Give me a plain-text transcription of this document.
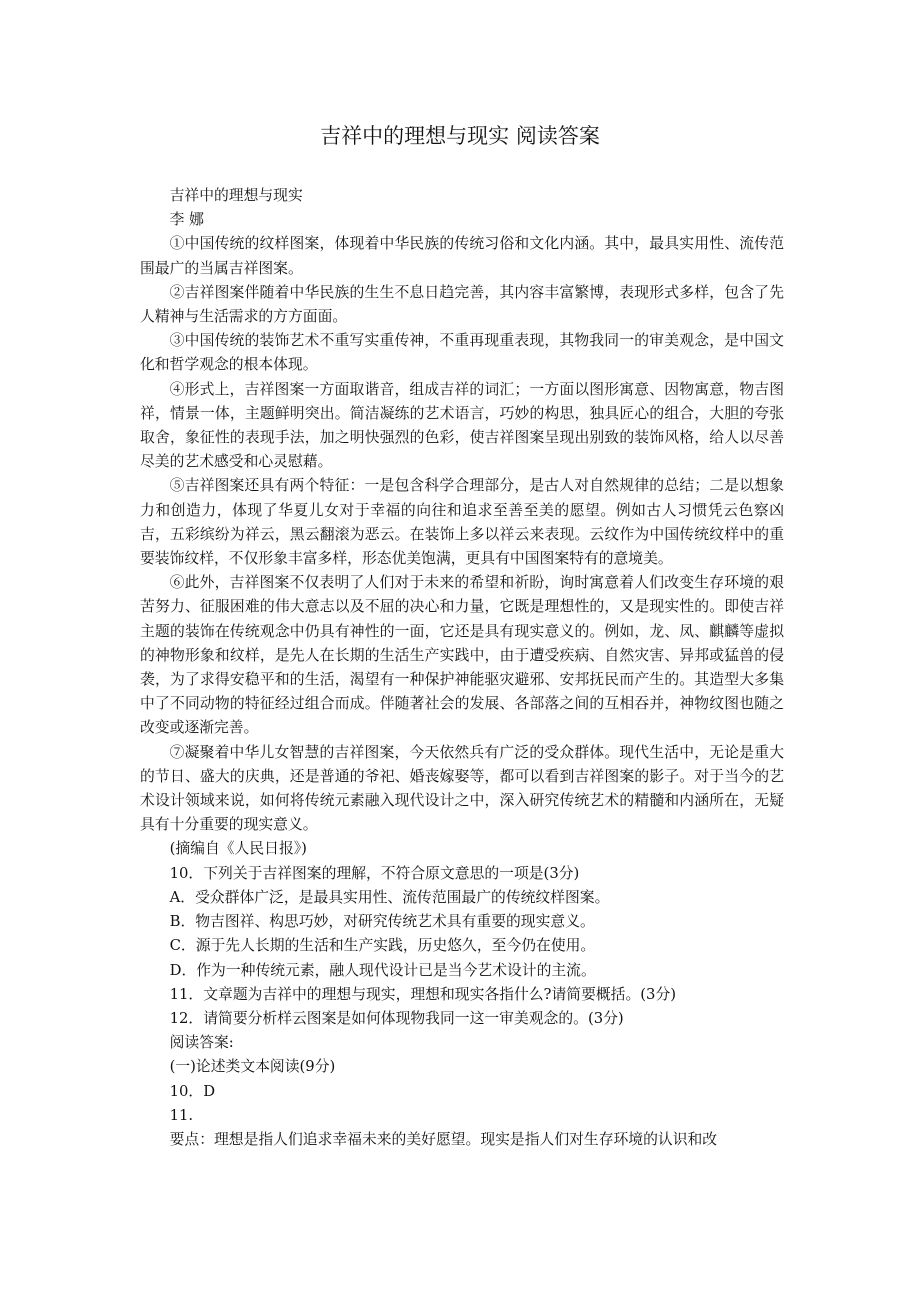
吉祥中的理想与现实 阅读答案

吉祥中的理想与现实

李 娜

①中国传统的纹样图案，体现着中华民族的传统习俗和文化内涵。其中，最具实用性、流传范围最广的当属吉祥图案。

②吉祥图案伴随着中华民族的生生不息日趋完善，其内容丰富繁博，表现形式多样，包含了先人精神与生活需求的方方面面。

③中国传统的装饰艺术不重写实重传神，不重再现重表现，其物我同一的审美观念，是中国文化和哲学观念的根本体现。

④形式上，吉祥图案一方面取谐音，组成吉祥的词汇；一方面以图形寓意、因物寓意，物吉图祥，情景一体，主题鲜明突出。简洁凝练的艺术语言，巧妙的构思，独具匠心的组合，大胆的夸张取舍，象征性的表现手法，加之明快强烈的色彩，使吉祥图案呈现出别致的装饰风格，给人以尽善尽美的艺术感受和心灵慰藉。

⑤吉祥图案还具有两个特征：一是包含科学合理部分，是古人对自然规律的总结；二是以想象力和创造力，体现了华夏儿女对于幸福的向往和追求至善至美的愿望。例如古人习惯凭云色察凶吉，五彩缤纷为祥云，黑云翻滚为恶云。在装饰上多以祥云来表现。云纹作为中国传统纹样中的重要装饰纹样，不仅形象丰富多样，形态优美饱满，更具有中国图案特有的意境美。

⑥此外，吉祥图案不仅表明了人们对于未来的希望和祈盼，询时寓意着人们改变生存环境的艰苦努力、征服困难的伟大意志以及不屈的决心和力量，它既是理想性的，又是现实性的。即使吉祥主题的装饰在传统观念中仍具有神性的一面，它还是具有现实意义的。例如，龙、凤、麒麟等虚拟的神物形象和纹样，是先人在长期的生活生产实践中，由于遭受疾病、自然灾害、异邦或猛兽的侵袭，为了求得安稳平和的生活，渴望有一种保护神能驱灾避邪、安邦抚民而产生的。其造型大多集中了不同动物的特征经过组合而成。伴随著社会的发展、各部落之间的互相吞并，神物纹图也随之改变或逐渐完善。

⑦凝聚着中华儿女智慧的吉祥图案，今天依然兵有广泛的受众群体。现代生活中，无论是重大的节日、盛大的庆典，还是普通的爷祀、婚丧嫁娶等，都可以看到吉祥图案的影子。对于当今的艺术设计领域来说，如何将传统元素融入现代设计之中，深入研究传统艺术的精髓和内涵所在，无疑具有十分重要的现实意义。

(摘编自《人民日报》)

10．下列关于吉祥图案的理解，不符合原文意思的一项是(3分)

A．受众群体广泛，是最具实用性、流传范围最广的传统纹样图案。

B．物吉图祥、构思巧妙，对研究传统艺术具有重要的现实意义。

C．源于先人长期的生活和生产实践，历史悠久，至今仍在使用。

D．作为一种传统元素，融人现代设计已是当今艺术设计的主流。

11．文章题为吉祥中的理想与现实，理想和现实各指什么?请简要概括。(3分)

12．请简要分析样云图案是如何体现物我同一这一审美观念的。(3分)

阅读答案:

(一)论述类文本阅读(9分)

10．D

11.

要点：理想是指人们追求幸福未来的美好愿望。现实是指人们对生存环境的认识和改
